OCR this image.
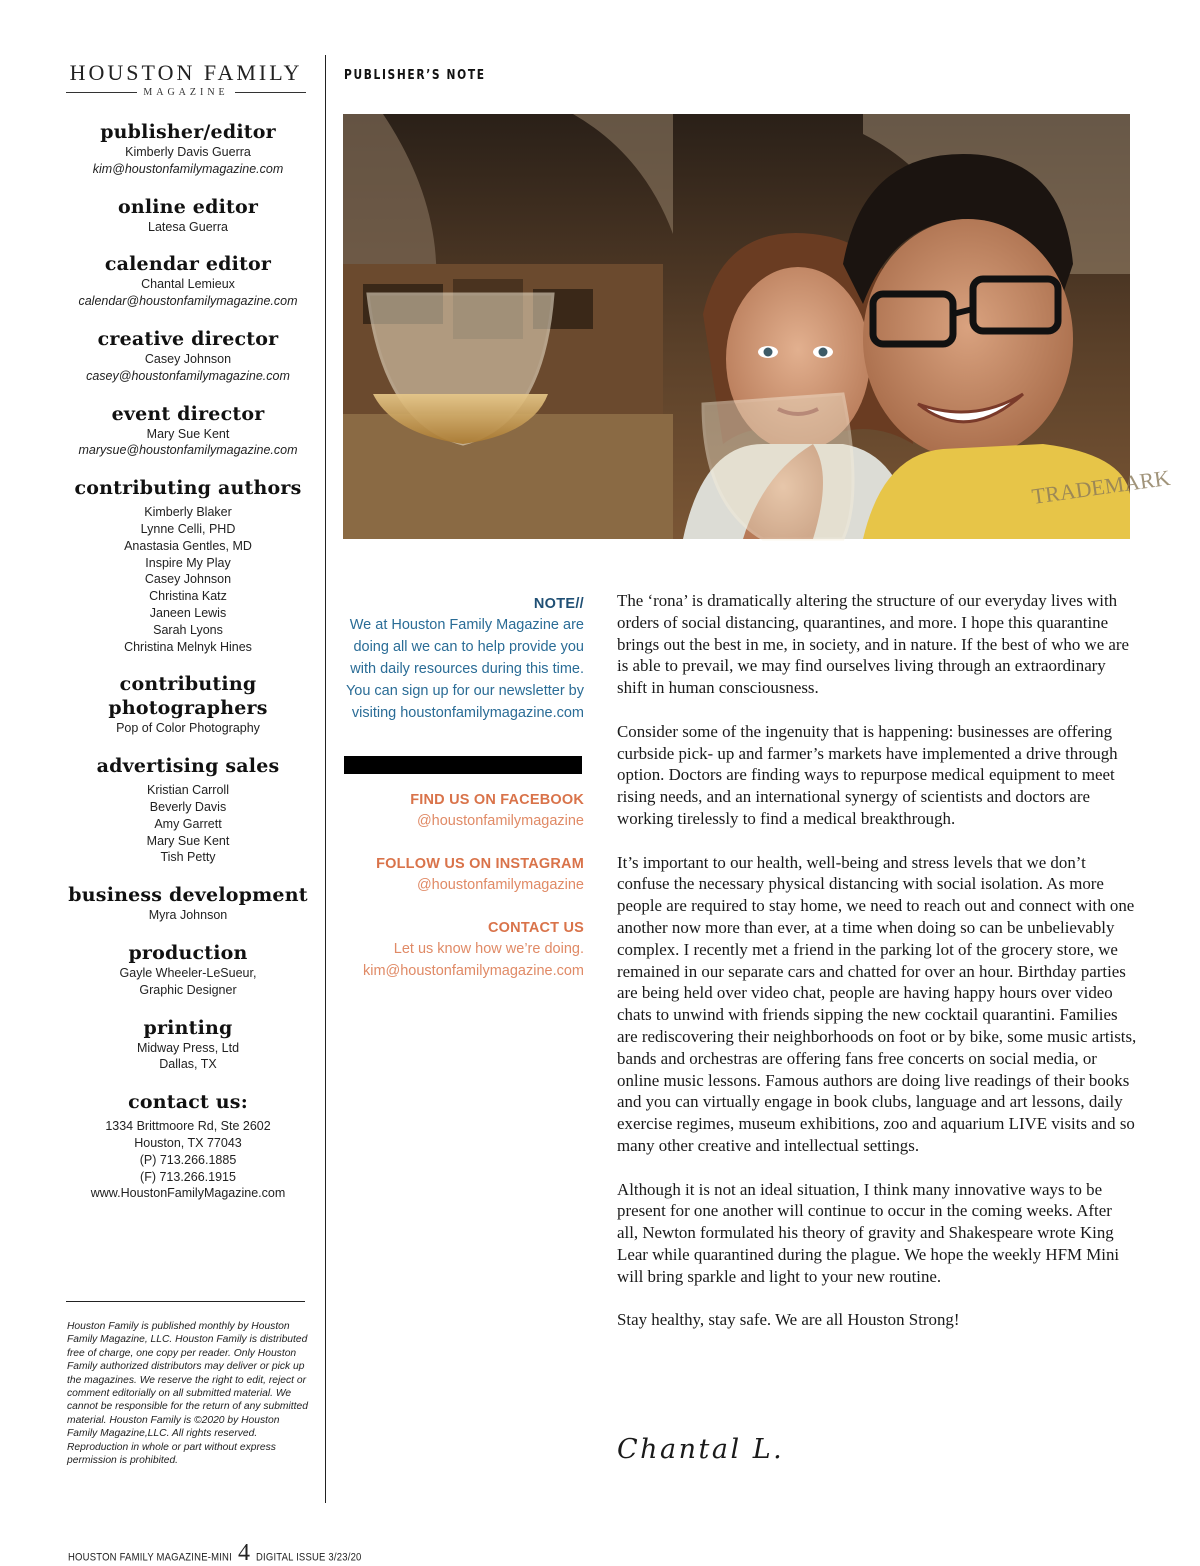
HOUSTON FAMILY
MAGAZINE
publisher/editor
Kimberly Davis Guerra
kim@houstonfamilymagazine.com
online editor
Latesa Guerra
calendar editor
Chantal Lemieux
calendar@houstonfamilymagazine.com
creative director
Casey Johnson
casey@houstonfamilymagazine.com
event director
Mary Sue Kent
marysue@houstonfamilymagazine.com
contributing authors
Kimberly Blaker
Lynne Celli, PHD
Anastasia Gentles, MD
Inspire My Play
Casey Johnson
Christina Katz
Janeen Lewis
Sarah Lyons
Christina Melnyk Hines
contributing
photographers
Pop of Color Photography
advertising sales
Kristian Carroll
Beverly Davis
Amy Garrett
Mary Sue Kent
Tish Petty
business development
Myra Johnson
production
Gayle Wheeler-LeSueur,
Graphic Designer
printing
Midway Press, Ltd
Dallas, TX
contact us:
1334 Brittmoore Rd, Ste 2602
Houston, TX 77043
(P) 713.266.1885
(F) 713.266.1915
www.HoustonFamilyMagazine.com
Houston Family is published monthly by Houston Family Magazine, LLC. Houston Family is distributed free of charge, one copy per reader. Only Houston Family authorized distributors may deliver or pick up the magazines. We reserve the right to edit, reject or comment editorially on all submitted material. We cannot be responsible for the return of any submitted material. Houston Family is ©2020 by Houston Family Magazine,LLC. All rights reserved. Reproduction in whole or part without express permission is prohibited.
HOUSTON FAMILY MAGAZINE-MINI 4 DIGITAL ISSUE 3/23/20
PUBLISHER’S NOTE
TRADEMARK
NOTE//
We at Houston Family Magazine are doing all we can to help provide you with daily resources during this time. You can sign up for our newsletter by visiting houstonfamilymagazine.com
FIND US ON FACEBOOK
@houstonfamilymagazine
FOLLOW US ON INSTAGRAM
@houstonfamilymagazine
CONTACT US
Let us know how we’re doing.
kim@houstonfamilymagazine.com

The ‘rona’ is dramatically altering the structure of our everyday lives with orders of social distancing, quarantines, and more. I hope this quarantine brings out the best in me, in society, and in nature. If the best of who we are is able to prevail, we may find ourselves living through an extraordinary shift in human consciousness.

Consider some of the ingenuity that is happening: businesses are offering curbside pick- up and farmer’s markets have implemented a drive through option. Doctors are finding ways to repurpose medical equipment to meet rising needs, and an international synergy of scientists and doctors are working tirelessly to find a medical breakthrough.

It’s important to our health, well-being and stress levels that we don’t confuse the necessary physical distancing with social isolation. As more people are required to stay home, we need to reach out and connect with one another now more than ever, at a time when doing so can be unbelievably complex. I recently met a friend in the parking lot of the grocery store, we remained in our separate cars and chatted for over an hour. Birthday parties are being held over video chat, people are having happy hours over video chats to unwind with friends sipping the new cocktail quarantini. Families are rediscovering their neighborhoods on foot or by bike, some music artists, bands and orchestras are offering fans free concerts on social media, or online music lessons. Famous authors are doing live readings of their books and you can virtually engage in book clubs, language and art lessons, daily exercise regimes, museum exhibitions, zoo and aquarium LIVE visits and so many other creative and intellectual settings.

Although it is not an ideal situation, I think many innovative ways to be present for one another will continue to occur in the coming weeks. After all, Newton formulated his theory of gravity and Shakespeare wrote King Lear while quarantined during the plague. We hope the weekly HFM Mini will bring sparkle and light to your new routine.

Stay healthy, stay safe. We are all Houston Strong!

Chantal L.
